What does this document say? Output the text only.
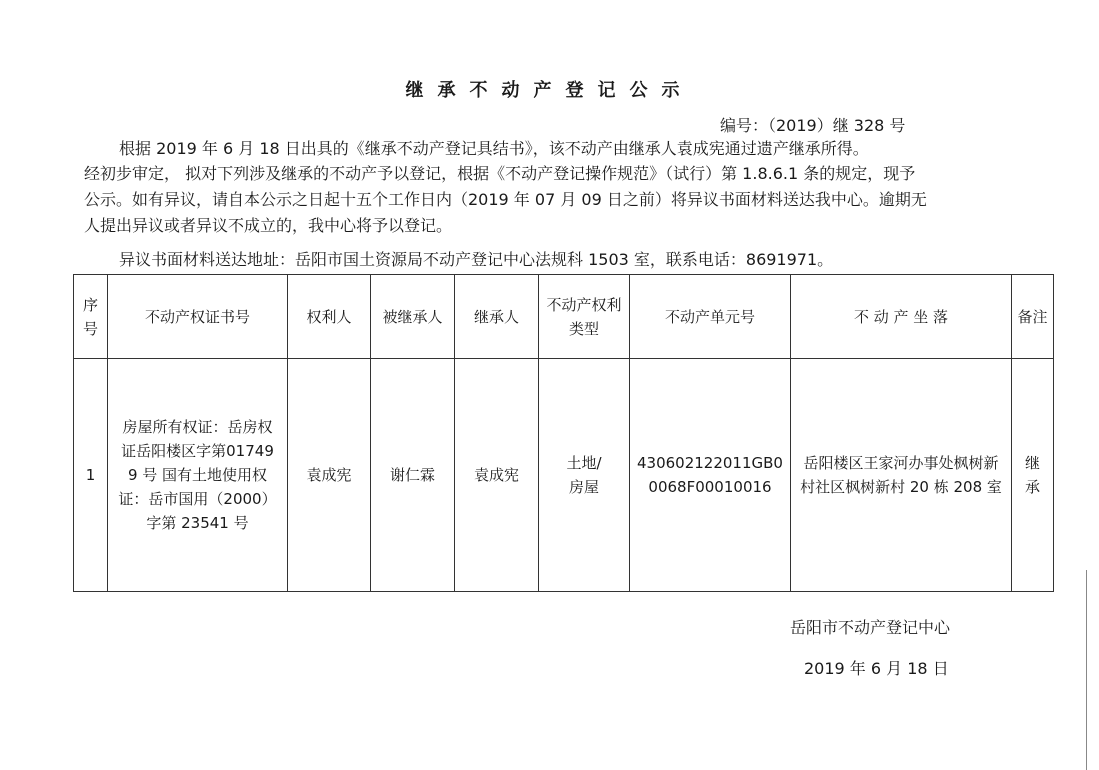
继承不动产登记公示
编号：（2019）继 328 号
根据 2019 年 6 月 18 日出具的《继承不动产登记具结书》，该不动产由继承人袁成宪通过遗产继承所得。
经初步审定， 拟对下列涉及继承的不动产予以登记，根据《不动产登记操作规范》（试行）第 1.8.6.1 条的规定，现予
公示。如有异议，请自本公示之日起十五个工作日内（2019 年 07 月 09 日之前）将异议书面材料送达我中心。逾期无
人提出异议或者异议不成立的，我中心将予以登记。
异议书面材料送达地址：岳阳市国土资源局不动产登记中心法规科 1503 室，联系电话：8691971。
序号	不动产权证书号	权利人	被继承人	继承人	不动产权利类型	不动产单元号	不 动 产 坐 落	备注
1	房屋所有权证：岳房权证岳阳楼区字第017499 号 国有土地使用权证：岳市国用（2000）字第 23541 号	袁成宪	谢仁霖	袁成宪	土地/房屋	430602122011GB00068F00010016	岳阳楼区王家河办事处枫树新村社区枫树新村 20 栋 208 室	继承
岳阳市不动产登记中心
2019 年 6 月 18 日
